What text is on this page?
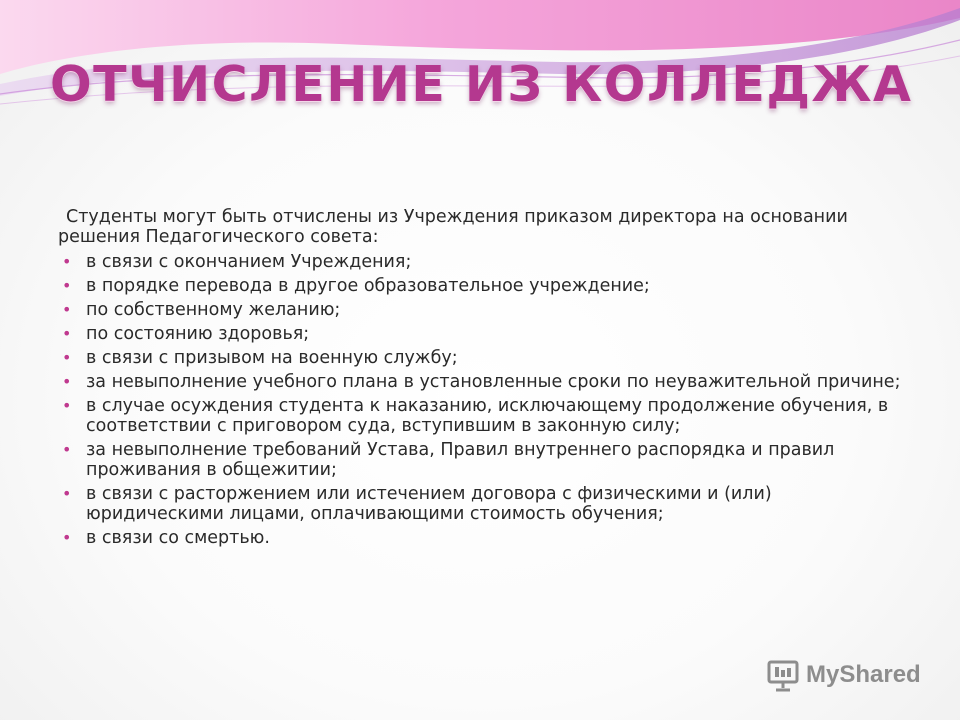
ОТЧИСЛЕНИЕ ИЗ КОЛЛЕДЖА

Студенты могут быть отчислены из Учреждения приказом директора на основании решения Педагогического совета:

• в связи с окончанием Учреждения;
• в порядке перевода в другое образовательное учреждение;
• по собственному желанию;
• по состоянию здоровья;
• в связи с призывом на военную службу;
• за невыполнение учебного плана в установленные сроки по неуважительной причине;
• в случае осуждения студента к наказанию, исключающему продолжение обучения, в соответствии с приговором суда, вступившим в законную силу;
• за невыполнение требований Устава, Правил внутреннего распорядка и правил проживания в общежитии;
• в связи с расторжением или истечением договора с физическими и (или) юридическими лицами, оплачивающими стоимость обучения;
• в связи со смертью.
MyShared
